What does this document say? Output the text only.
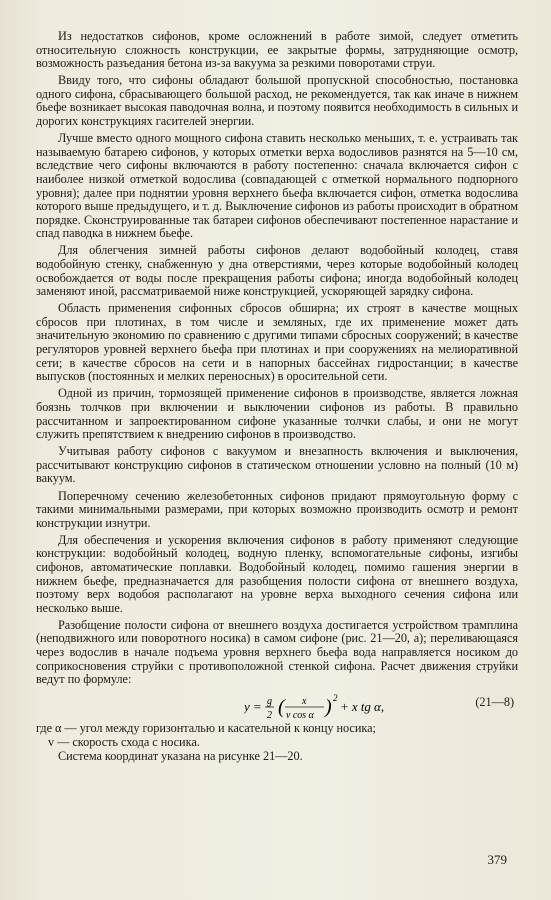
Из недостатков сифонов, кроме осложнений в работе зимой, следует отметить относительную сложность конструкции, ее закрытые формы, затрудняющие осмотр, возможность разъедания бетона из-за вакуума за резкими поворотами струи.

Ввиду того, что сифоны обладают большой пропускной способностью, постановка одного сифона, сбрасывающего большой расход, не рекомендуется, так как иначе в нижнем бьефе возникает высокая паводочная волна, и поэтому появится необходимость в сильных и дорогих конструкциях гасителей энергии.

Лучше вместо одного мощного сифона ставить несколько меньших, т. е. устраивать так называемую батарею сифонов, у которых отметки верха водосливов разнятся на 5—10 см, вследствие чего сифоны включаются в работу постепенно: сначала включается сифон с наиболее низкой отметкой водослива (совпадающей с отметкой нормального подпорного уровня); далее при поднятии уровня верхнего бьефа включается сифон, отметка водослива которого выше предыдущего, и т. д. Выключение сифонов из работы происходит в обратном порядке. Сконструированные так батареи сифонов обеспечивают постепенное нарастание и спад паводка в нижнем бьефе.

Для облегчения зимней работы сифонов делают водобойный колодец, ставя водобойную стенку, снабженную у дна отверстиями, через которые водобойный колодец освобождается от воды после прекращения работы сифона; иногда водобойный колодец заменяют иной, рассматриваемой ниже конструкцией, ускоряющей зарядку сифона.

Область применения сифонных сбросов обширна; их строят в качестве мощных сбросов при плотинах, в том числе и земляных, где их применение может дать значительную экономию по сравнению с другими типами сбросных сооружений; в качестве регуляторов уровней верхнего бьефа при плотинах и при сооружениях на мелиоративной сети; в качестве сбросов на сети и в напорных бассейнах гидростанции; в качестве выпусков (постоянных и мелких переносных) в оросительной сети.

Одной из причин, тормозящей применение сифонов в производстве, является ложная боязнь толчков при включении и выключении сифонов из работы. В правильно рассчитанном и запроектированном сифоне указанные толчки слабы, и они не могут служить препятствием к внедрению сифонов в производство.

Учитывая работу сифонов с вакуумом и внезапность включения и выключения, рассчитывают конструкцию сифонов в статическом отношении условно на полный (10 м) вакуум.

Поперечному сечению железобетонных сифонов придают прямоугольную форму с такими минимальными размерами, при которых возможно производить осмотр и ремонт конструкции изнутри.

Для обеспечения и ускорения включения сифонов в работу применяют следующие конструкции: водобойный колодец, водную пленку, вспомогательные сифоны, изгибы сифонов, автоматические поплавки. Водобойный колодец, помимо гашения энергии в нижнем бьефе, предназначается для разобщения полости сифона от внешнего воздуха, поэтому верх водобоя располагают на уровне верха выходного сечения сифона или несколько выше.

Разобщение полости сифона от внешнего воздуха достигается устройством трамплина (неподвижного или поворотного носика) в самом сифоне (рис. 21—20, а); переливающаяся через водослив в начале подъема уровня верхнего бьефа вода направляется носиком до соприкосновения струйки с противоположной стенкой сифона. Расчет движения струйки ведут по формуле:

y = g
2 ( x
v cos α ) 2
+ x tg α,	(21—8)

где α — угол между горизонталью и касательной к концу носика;

v — скорость схода с носика.

Система координат указана на рисунке 21—20.

379
